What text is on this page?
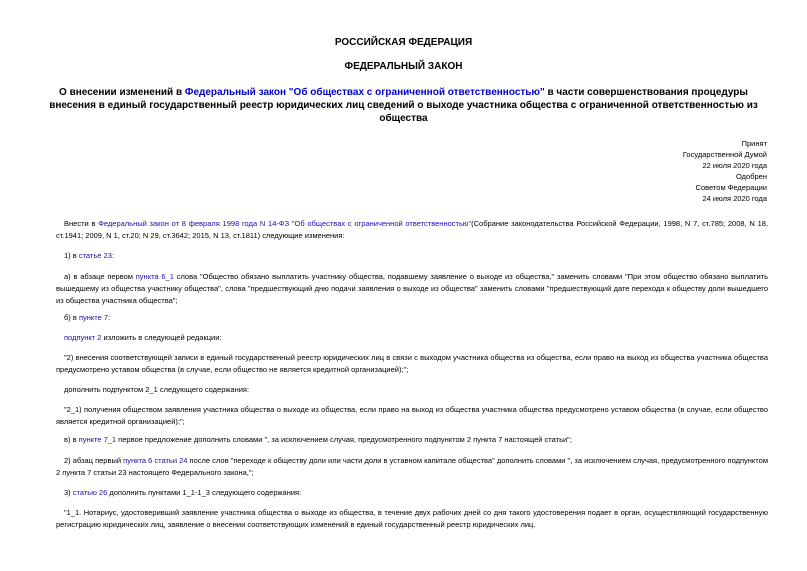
РОССИЙСКАЯ ФЕДЕРАЦИЯ
ФЕДЕРАЛЬНЫЙ ЗАКОН
О внесении изменений в Федеральный закон "Об обществах с ограниченной ответственностью" в части совершенствования процедуры внесения в единый государственный реестр юридических лиц сведений о выходе участника общества с ограниченной ответственностью из общества
Принят
Государственной Думой
22 июля 2020 года
Одобрен
Советом Федерации
24 июля 2020 года
Внести в Федеральный закон от 8 февраля 1998 года N 14-ФЗ "Об обществах с ограниченной ответственностью"(Собрание законодательства Российской Федерации, 1998, N 7, ст.785; 2008, N 18, ст.1941; 2009, N 1, ст.20; N 29, ст.3642; 2015, N 13, ст.1811) следующие изменения:
1) в статье 23:
а) в абзаце первом пункта 6_1 слова "Общество обязано выплатить участнику общества, подавшему заявление о выходе из общества," заменить словами "При этом общество обязано выплатить вышедшему из общества участнику общества", слова "предшествующий дню подачи заявления о выходе из общества" заменить словами "предшествующий дате перехода к обществу доли вышедшего из общества участника общества";
б) в пункте 7:
подпункт 2 изложить в следующей редакции:
"2) внесения соответствующей записи в единый государственный реестр юридических лиц в связи с выходом участника общества из общества, если право на выход из общества участника общества предусмотрено уставом общества (в случае, если общество не является кредитной организацией);";
дополнить подпунктом 2_1 следующего содержания:
"2_1) получения обществом заявления участника общества о выходе из общества, если право на выход из общества участника общества предусмотрено уставом общества (в случае, если общество является кредитной организацией);";
в) в пункте 7_1 первое предложение дополнить словами ", за исключением случая, предусмотренного подпунктом 2 пункта 7 настоящей статьи";
2) абзац первый пункта 6 статьи 24 после слов "переходе к обществу доли или части доли в уставном капитале общества" дополнить словами ", за исключением случая, предусмотренного подпунктом 2 пункта 7 статьи 23 настоящего Федерального закона,";
3) статью 26 дополнить пунктами 1_1-1_3 следующего содержания:
"1_1. Нотариус, удостоверивший заявление участника общества о выходе из общества, в течение двух рабочих дней со дня такого удостоверения подает в орган, осуществляющий государственную регистрацию юридических лиц, заявление о внесении соответствующих изменений в единый государственный реестр юридических лиц.
